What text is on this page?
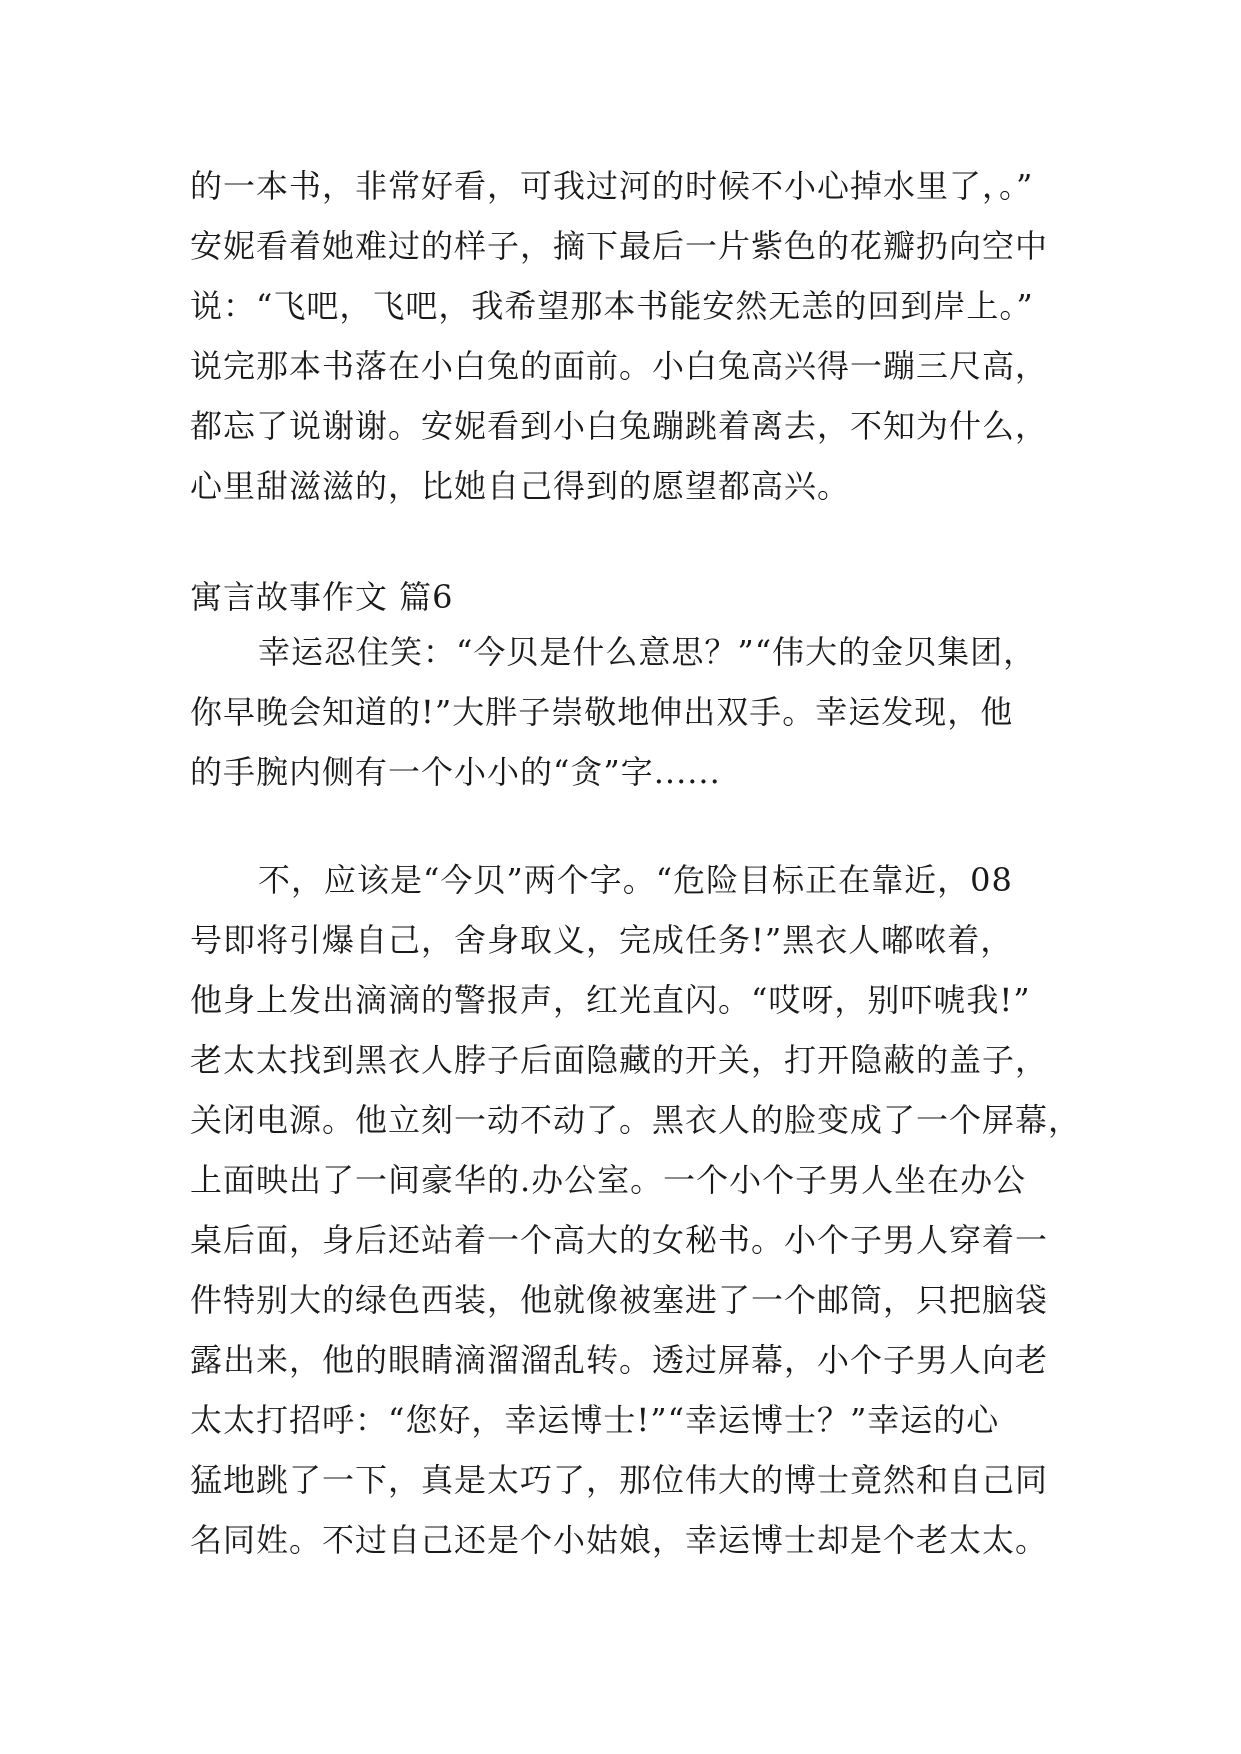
的一本书，非常好看，可我过河的时候不小心掉水里了，。”
安妮看着她难过的样子，摘下最后一片紫色的花瓣扔向空中
说：“飞吧，飞吧，我希望那本书能安然无恙的回到岸上。”
说完那本书落在小白兔的面前。小白兔高兴得一蹦三尺高，
都忘了说谢谢。安妮看到小白兔蹦跳着离去，不知为什么，
心里甜滋滋的，比她自己得到的愿望都高兴。
寓言故事作文 篇6
幸运忍住笑：“今贝是什么意思？”“伟大的金贝集团，
你早晚会知道的!”大胖子崇敬地伸出双手。幸运发现，他
的手腕内侧有一个小小的“贪”字......
不，应该是“今贝”两个字。“危险目标正在靠近，08
号即将引爆自己，舍身取义，完成任务!”黑衣人嘟哝着，
他身上发出滴滴的警报声，红光直闪。“哎呀，别吓唬我!”
老太太找到黑衣人脖子后面隐藏的开关，打开隐蔽的盖子，
关闭电源。他立刻一动不动了。黑衣人的脸变成了一个屏幕，
上面映出了一间豪华的.办公室。一个小个子男人坐在办公
桌后面，身后还站着一个高大的女秘书。小个子男人穿着一
件特别大的绿色西装，他就像被塞进了一个邮筒，只把脑袋
露出来，他的眼睛滴溜溜乱转。透过屏幕，小个子男人向老
太太打招呼：“您好，幸运博士!”“幸运博士？”幸运的心
猛地跳了一下，真是太巧了，那位伟大的博士竟然和自己同
名同姓。不过自己还是个小姑娘，幸运博士却是个老太太。
